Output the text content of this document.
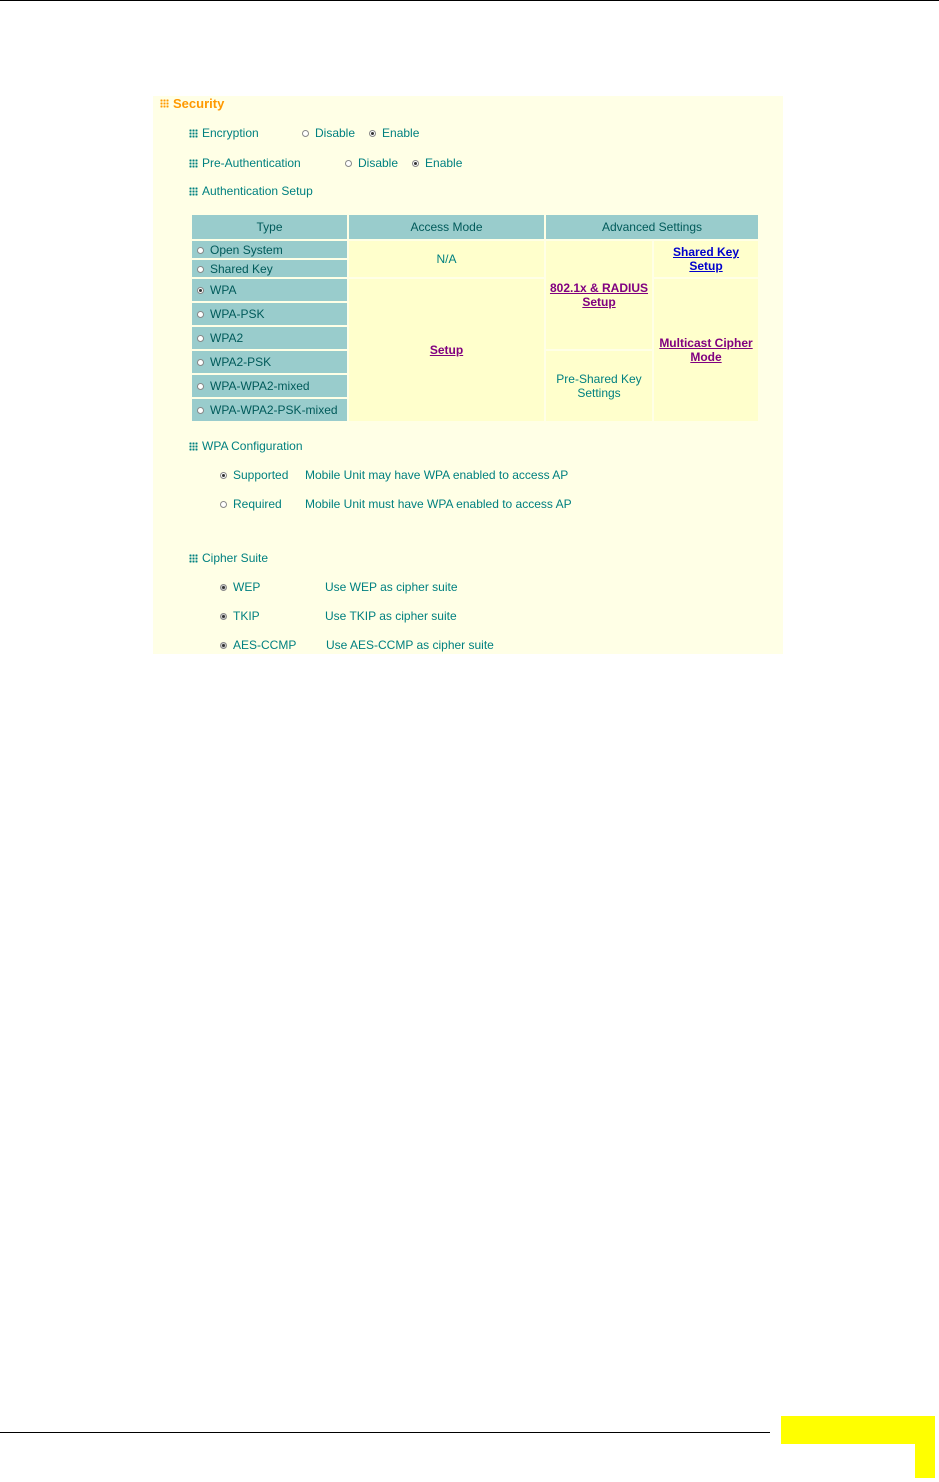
Security
Encryption	Disable Enable
Pre-Authentication	Disable Enable
Authentication Setup
Type	Access Mode	Advanced Settings	
Open System	N/A	802.1x & RADIUS Setup	Shared Key Setup
Shared Key			
WPA	Setup		Multicast Cipher Mode
WPA-PSK			
WPA2			
WPA2-PSK		Pre-Shared Key Settings	
WPA-WPA2-mixed			
WPA-WPA2-PSK-mixed			
WPA Configuration
Supported	Mobile Unit may have WPA enabled to access AP
Required	Mobile Unit must have WPA enabled to access AP
Cipher Suite
WEP	Use WEP as cipher suite
TKIP	Use TKIP as cipher suite
AES-CCMP	Use AES-CCMP as cipher suite
